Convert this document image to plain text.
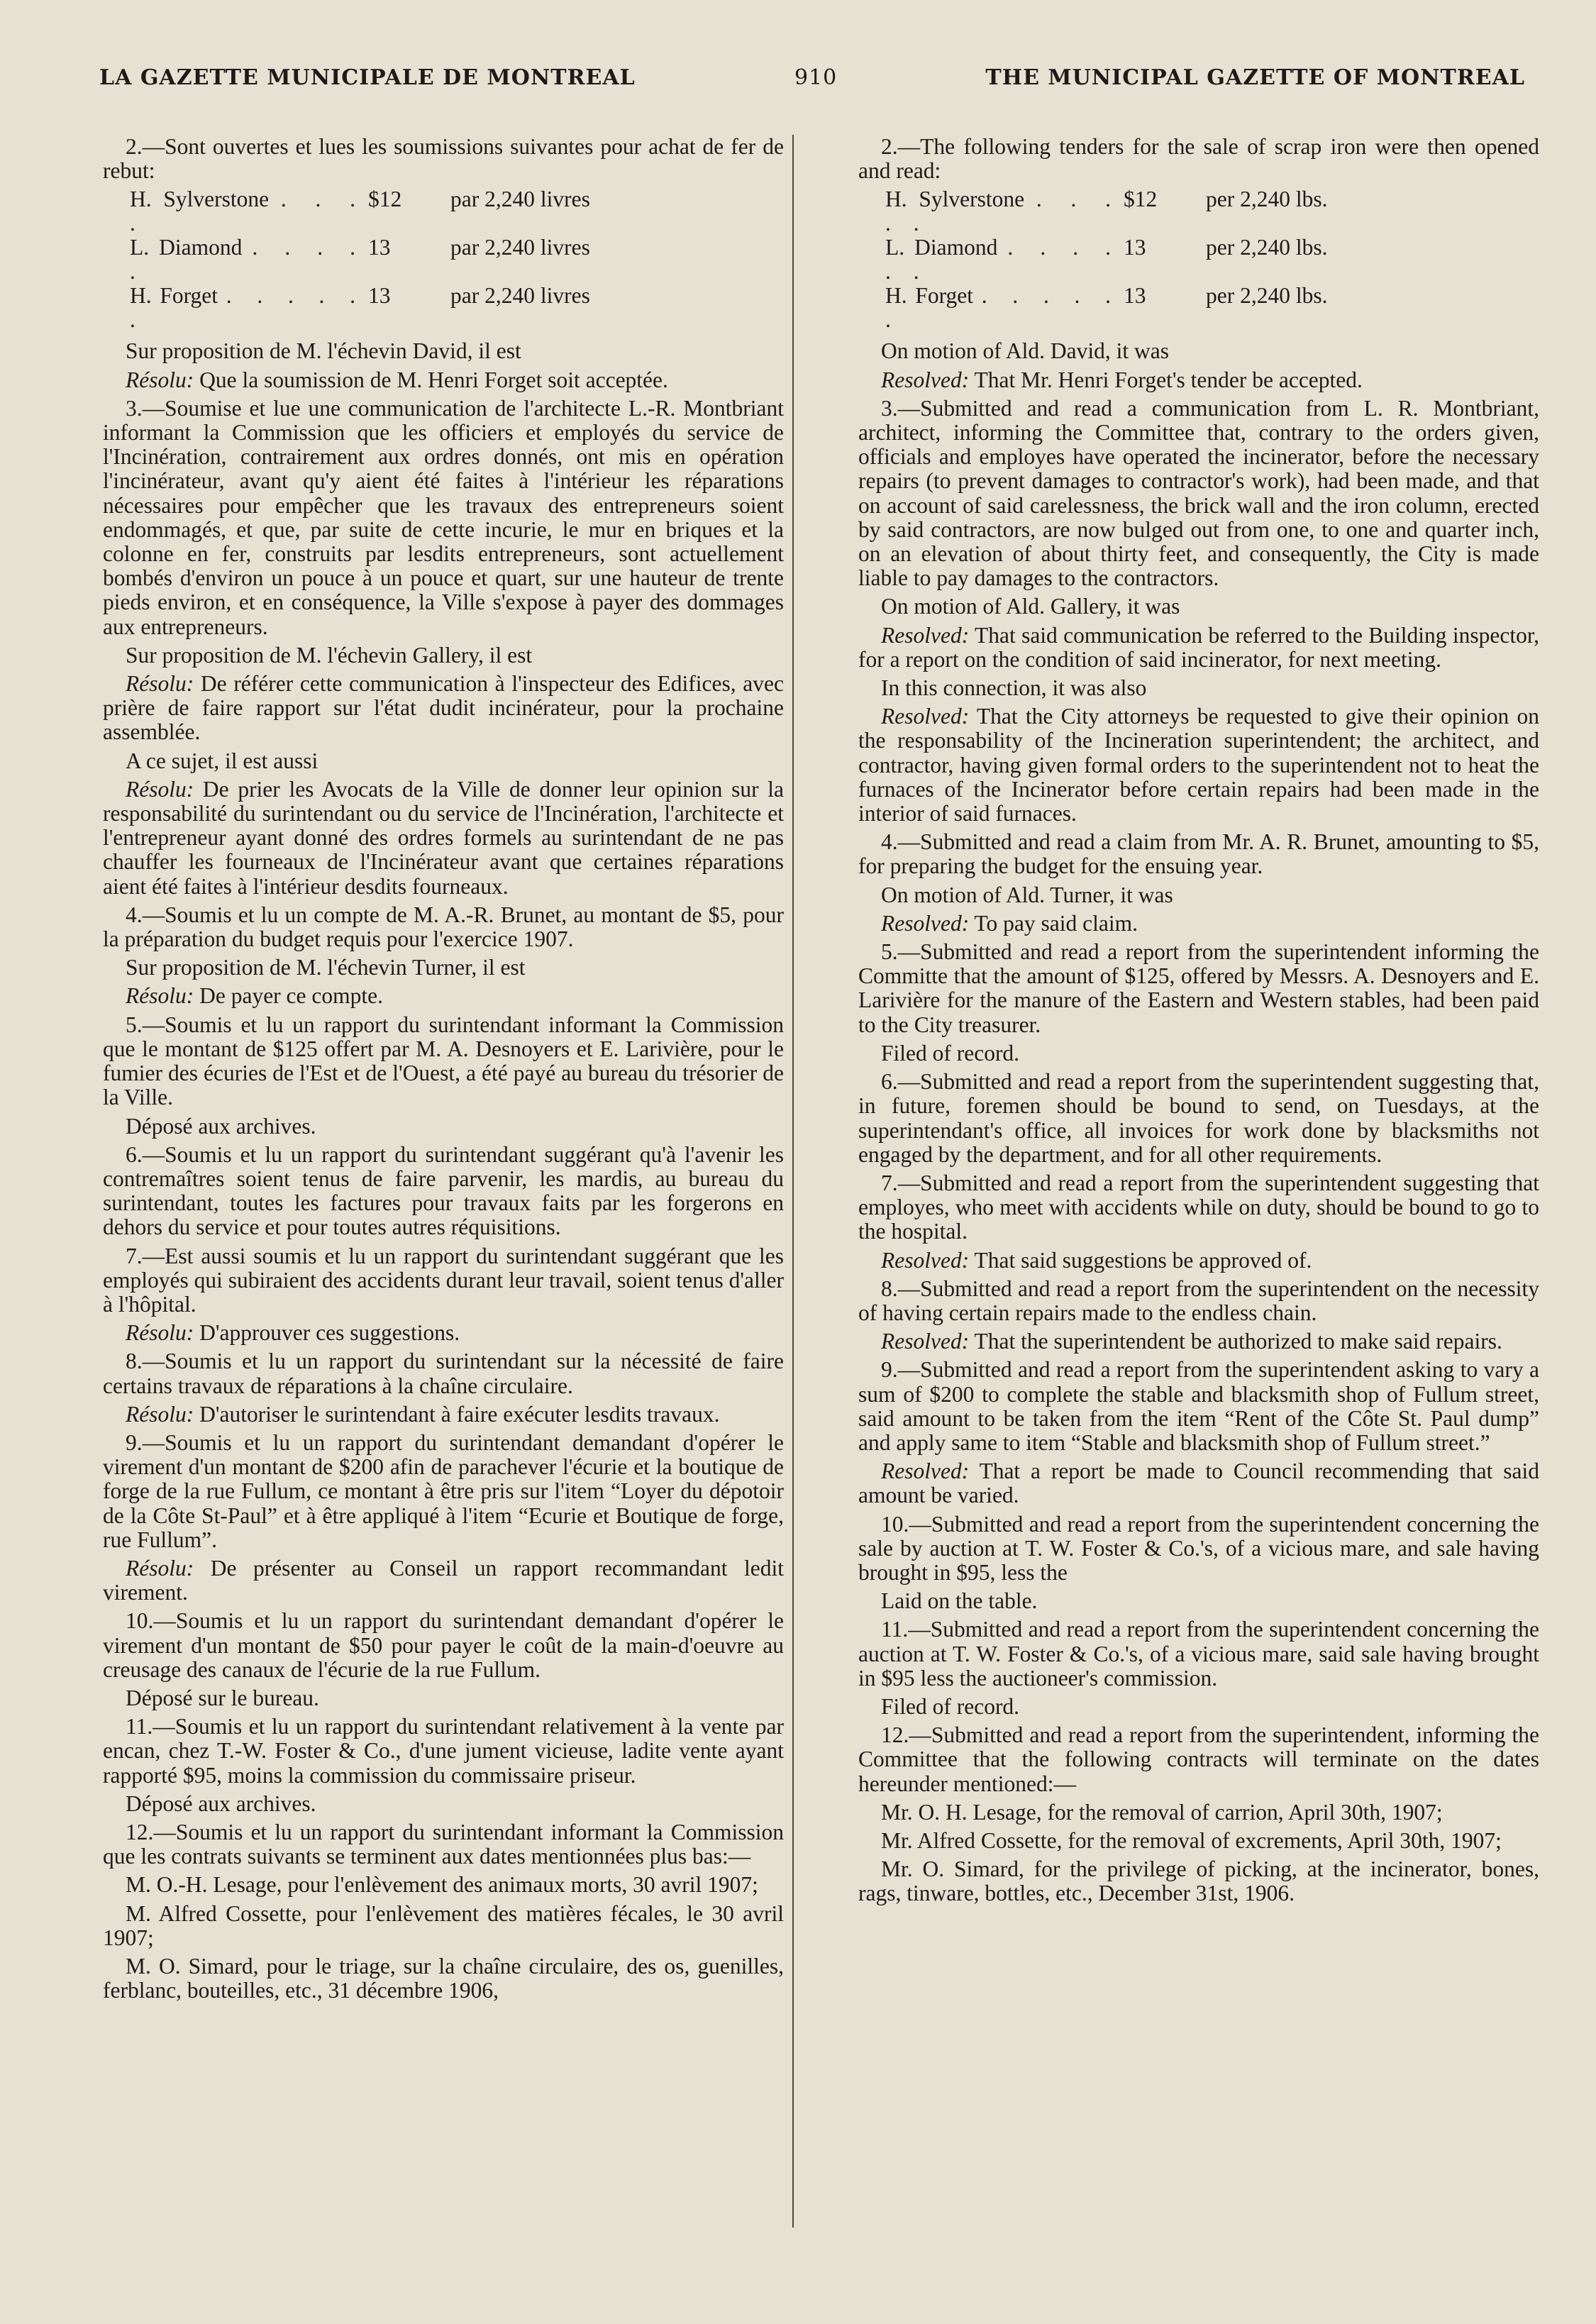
LA GAZETTE MUNICIPALE DE MONTREAL	910	THE MUNICIPAL GAZETTE OF MONTREAL

2.—Sont ouvertes et lues les soumissions suivantes pour achat de fer de rebut:

H. Sylverstone . . . .	$12	par 2,240 livres
L. Diamond . . . . .	13	par 2,240 livres
H. Forget . . . . . .	13	par 2,240 livres

Sur proposition de M. l'échevin David, il est

Résolu: Que la soumission de M. Henri Forget soit acceptée.

3.—Soumise et lue une communication de l'architecte L.-R. Montbriant informant la Commission que les officiers et employés du service de l'Incinération, contrairement aux ordres donnés, ont mis en opération l'incinérateur, avant qu'y aient été faites à l'intérieur les réparations nécessaires pour empêcher que les travaux des entrepreneurs soient endommagés, et que, par suite de cette incurie, le mur en briques et la colonne en fer, construits par lesdits entrepreneurs, sont actuellement bombés d'environ un pouce à un pouce et quart, sur une hauteur de trente pieds environ, et en conséquence, la Ville s'expose à payer des dommages aux entrepreneurs.

Sur proposition de M. l'échevin Gallery, il est

Résolu: De référer cette communication à l'inspecteur des Edifices, avec prière de faire rapport sur l'état dudit incinérateur, pour la prochaine assemblée.

A ce sujet, il est aussi

Résolu: De prier les Avocats de la Ville de donner leur opinion sur la responsabilité du surintendant ou du service de l'Incinération, l'architecte et l'entrepreneur ayant donné des ordres formels au surintendant de ne pas chauffer les fourneaux de l'Incinérateur avant que certaines réparations aient été faites à l'intérieur desdits fourneaux.

4.—Soumis et lu un compte de M. A.-R. Brunet, au montant de $5, pour la préparation du budget requis pour l'exercice 1907.

Sur proposition de M. l'échevin Turner, il est

Résolu: De payer ce compte.

5.—Soumis et lu un rapport du surintendant informant la Commission que le montant de $125 offert par M. A. Desnoyers et E. Larivière, pour le fumier des écuries de l'Est et de l'Ouest, a été payé au bureau du trésorier de la Ville.

Déposé aux archives.

6.—Soumis et lu un rapport du surintendant suggérant qu'à l'avenir les contremaîtres soient tenus de faire parvenir, les mardis, au bureau du surintendant, toutes les factures pour travaux faits par les forgerons en dehors du service et pour toutes autres réquisitions.

7.—Est aussi soumis et lu un rapport du surintendant suggérant que les employés qui subiraient des accidents durant leur travail, soient tenus d'aller à l'hôpital.

Résolu: D'approuver ces suggestions.

8.—Soumis et lu un rapport du surintendant sur la nécessité de faire certains travaux de réparations à la chaîne circulaire.

Résolu: D'autoriser le surintendant à faire exécuter lesdits travaux.

9.—Soumis et lu un rapport du surintendant demandant d'opérer le virement d'un montant de $200 afin de parachever l'écurie et la boutique de forge de la rue Fullum, ce montant à être pris sur l'item “Loyer du dépotoir de la Côte St-Paul” et à être appliqué à l'item “Ecurie et Boutique de forge, rue Fullum”.

Résolu: De présenter au Conseil un rapport recommandant ledit virement.

10.—Soumis et lu un rapport du surintendant demandant d'opérer le virement d'un montant de $50 pour payer le coût de la main-d'oeuvre au creusage des canaux de l'écurie de la rue Fullum.

Déposé sur le bureau.

11.—Soumis et lu un rapport du surintendant relativement à la vente par encan, chez T.-W. Foster & Co., d'une jument vicieuse, ladite vente ayant rapporté $95, moins la commission du commissaire priseur.

Déposé aux archives.

12.—Soumis et lu un rapport du surintendant informant la Commission que les contrats suivants se terminent aux dates mentionnées plus bas:—

M. O.-H. Lesage, pour l'enlèvement des animaux morts, 30 avril 1907;

M. Alfred Cossette, pour l'enlèvement des matières fécales, le 30 avril 1907;

M. O. Simard, pour le triage, sur la chaîne circulaire, des os, guenilles, ferblanc, bouteilles, etc., 31 décembre 1906,

2.—The following tenders for the sale of scrap iron were then opened and read:

H. Sylverstone . . . . .	$12	per 2,240 lbs.
L. Diamond . . . . . .	13	per 2,240 lbs.
H. Forget . . . . . .	13	per 2,240 lbs.

On motion of Ald. David, it was

Resolved: That Mr. Henri Forget's tender be accepted.

3.—Submitted and read a communication from L. R. Montbriant, architect, informing the Committee that, contrary to the orders given, officials and employes have operated the incinerator, before the necessary repairs (to prevent damages to contractor's work), had been made, and that on account of said carelessness, the brick wall and the iron column, erected by said contractors, are now bulged out from one, to one and quarter inch, on an elevation of about thirty feet, and consequently, the City is made liable to pay damages to the contractors.

On motion of Ald. Gallery, it was

Resolved: That said communication be referred to the Building inspector, for a report on the condition of said incinerator, for next meeting.

In this connection, it was also

Resolved: That the City attorneys be requested to give their opinion on the responsability of the Incineration superintendent; the architect, and contractor, having given formal orders to the superintendent not to heat the furnaces of the Incinerator before certain repairs had been made in the interior of said furnaces.

4.—Submitted and read a claim from Mr. A. R. Brunet, amounting to $5, for preparing the budget for the ensuing year.

On motion of Ald. Turner, it was

Resolved: To pay said claim.

5.—Submitted and read a report from the superintendent informing the Committe that the amount of $125, offered by Messrs. A. Desnoyers and E. Larivière for the manure of the Eastern and Western stables, had been paid to the City treasurer.

Filed of record.

6.—Submitted and read a report from the superintendent suggesting that, in future, foremen should be bound to send, on Tuesdays, at the superintendant's office, all invoices for work done by blacksmiths not engaged by the department, and for all other requirements.

7.—Submitted and read a report from the superintendent suggesting that employes, who meet with accidents while on duty, should be bound to go to the hospital.

Resolved: That said suggestions be approved of.

8.—Submitted and read a report from the superintendent on the necessity of having certain repairs made to the endless chain.

Resolved: That the superintendent be authorized to make said repairs.

9.—Submitted and read a report from the superintendent asking to vary a sum of $200 to complete the stable and blacksmith shop of Fullum street, said amount to be taken from the item “Rent of the Côte St. Paul dump” and apply same to item “Stable and blacksmith shop of Fullum street.”

Resolved: That a report be made to Council recommending that said amount be varied.

10.—Submitted and read a report from the superintendent concerning the sale by auction at T. W. Foster & Co.'s, of a vicious mare, and sale having brought in $95, less the

Laid on the table.

11.—Submitted and read a report from the superintendent concerning the auction at T. W. Foster & Co.'s, of a vicious mare, said sale having brought in $95 less the auctioneer's commission.

Filed of record.

12.—Submitted and read a report from the superintendent, informing the Committee that the following contracts will terminate on the dates hereunder mentioned:—

Mr. O. H. Lesage, for the removal of carrion, April 30th, 1907;

Mr. Alfred Cossette, for the removal of excrements, April 30th, 1907;

Mr. O. Simard, for the privilege of picking, at the incinerator, bones, rags, tinware, bottles, etc., December 31st, 1906.
